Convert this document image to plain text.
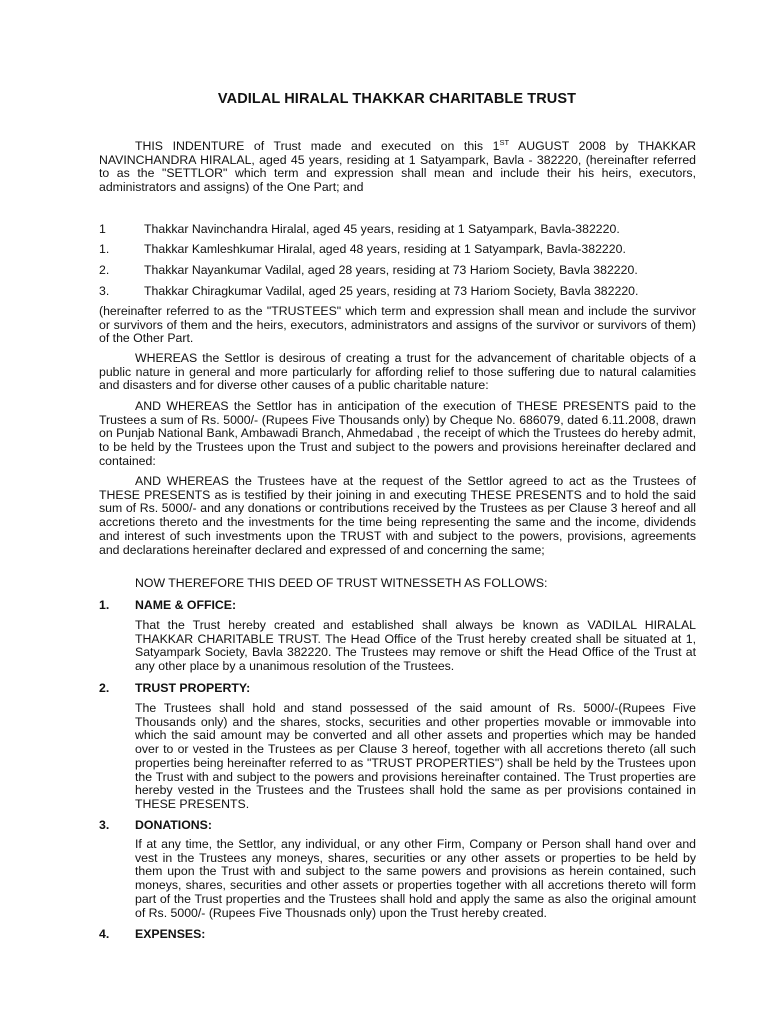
VADILAL HIRALAL THAKKAR CHARITABLE TRUST
THIS INDENTURE of Trust made and executed on this 1ST AUGUST 2008 by THAKKAR NAVINCHANDRA HIRALAL, aged 45 years, residing at 1 Satyampark, Bavla - 382220, (hereinafter referred to as the "SETTLOR" which term and expression shall mean and include their his heirs, executors, administrators and assigns) of the One Part; and
1	Thakkar Navinchandra Hiralal, aged 45 years, residing at 1 Satyampark, Bavla-382220.
1.	Thakkar Kamleshkumar Hiralal, aged 48 years, residing at 1 Satyampark, Bavla-382220.
2.	Thakkar Nayankumar Vadilal, aged 28 years, residing at 73 Hariom Society, Bavla 382220.
3.	Thakkar Chiragkumar Vadilal, aged 25 years, residing at 73 Hariom Society, Bavla 382220.
(hereinafter referred to as the "TRUSTEES" which term and expression shall mean and include the survivor or survivors of them and the heirs, executors, administrators and assigns of the survivor or survivors of them) of the Other Part.
WHEREAS the Settlor is desirous of creating a trust for the advancement of charitable objects of a public nature in general and more particularly for affording relief to those suffering due to natural calamities and disasters and for diverse other causes of a public charitable nature:
AND WHEREAS the Settlor has in anticipation of the execution of THESE PRESENTS paid to the Trustees a sum of Rs. 5000/- (Rupees Five Thousands only) by Cheque No. 686079, dated 6.11.2008, drawn on Punjab National Bank, Ambawadi Branch, Ahmedabad , the receipt of which the Trustees do hereby admit, to be held by the Trustees upon the Trust and subject to the powers and provisions hereinafter declared and contained:
AND WHEREAS the Trustees have at the request of the Settlor agreed to act as the Trustees of THESE PRESENTS as is testified by their joining in and executing THESE PRESENTS and to hold the said sum of Rs. 5000/- and any donations or contributions received by the Trustees as per Clause 3 hereof and all accretions thereto and the investments for the time being representing the same and the income, dividends and interest of such investments upon the TRUST with and subject to the powers, provisions, agreements and declarations hereinafter declared and expressed of and concerning the same;
NOW THEREFORE THIS DEED OF TRUST WITNESSETH AS FOLLOWS:
1. NAME & OFFICE:
That the Trust hereby created and established shall always be known as VADILAL HIRALAL THAKKAR CHARITABLE TRUST. The Head Office of the Trust hereby created shall be situated at 1, Satyampark Society, Bavla 382220. The Trustees may remove or shift the Head Office of the Trust at any other place by a unanimous resolution of the Trustees.
2. TRUST PROPERTY:
The Trustees shall hold and stand possessed of the said amount of Rs. 5000/-(Rupees Five Thousands only) and the shares, stocks, securities and other properties movable or immovable into which the said amount may be converted and all other assets and properties which may be handed over to or vested in the Trustees as per Clause 3 hereof, together with all accretions thereto (all such properties being hereinafter referred to as "TRUST PROPERTIES") shall be held by the Trustees upon the Trust with and subject to the powers and provisions hereinafter contained. The Trust properties are hereby vested in the Trustees and the Trustees shall hold the same as per provisions contained in THESE PRESENTS.
3. DONATIONS:
If at any time, the Settlor, any individual, or any other Firm, Company or Person shall hand over and vest in the Trustees any moneys, shares, securities or any other assets or properties to be held by them upon the Trust with and subject to the same powers and provisions as herein contained, such moneys, shares, securities and other assets or properties together with all accretions thereto will form part of the Trust properties and the Trustees shall hold and apply the same as also the original amount of Rs. 5000/- (Rupees Five Thousnads only) upon the Trust hereby created.
4. EXPENSES:
